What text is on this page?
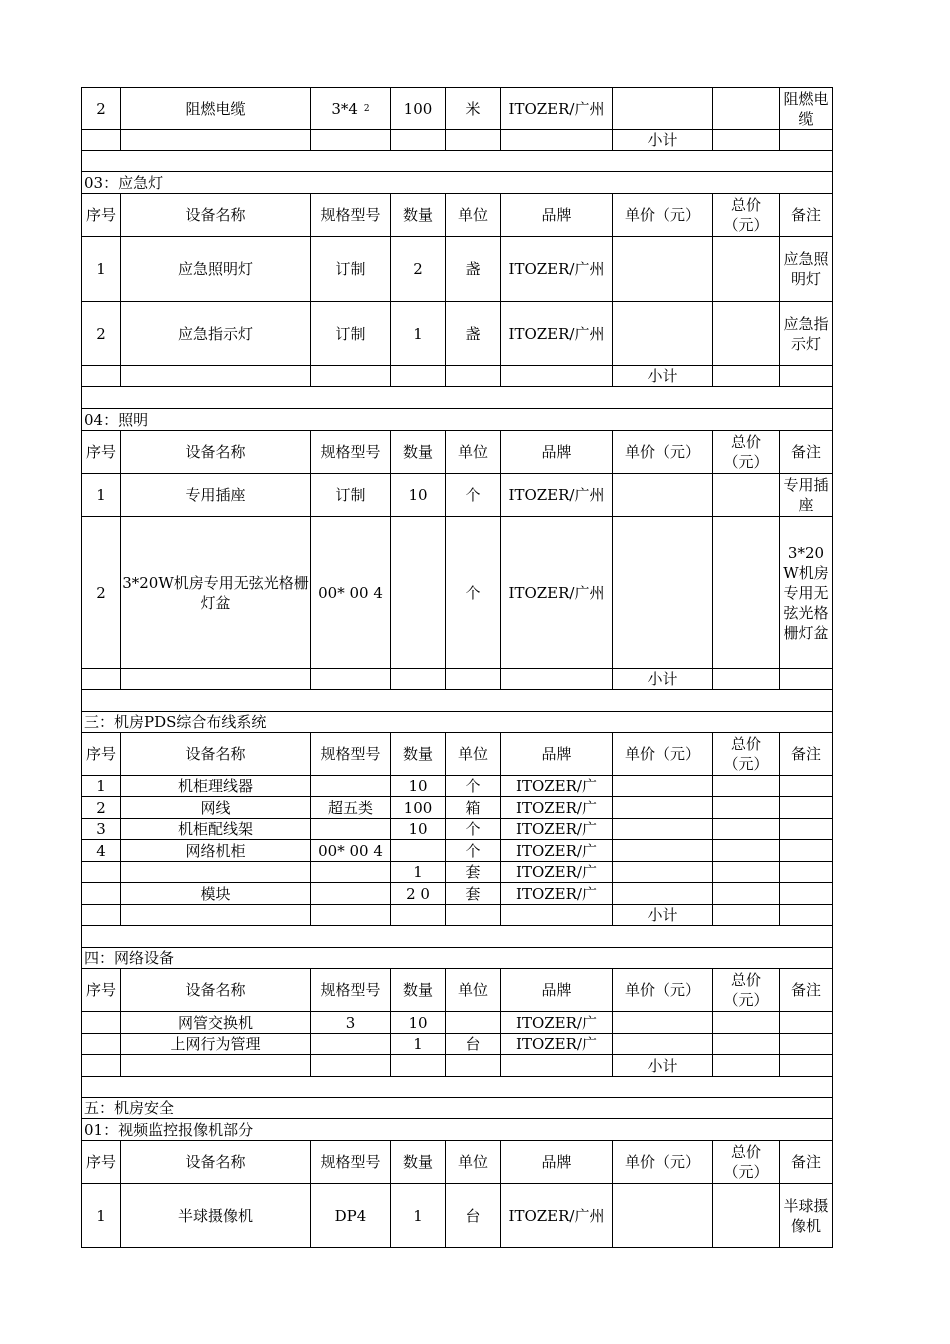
2	阻燃电缆	3*4 $^2$	100	米	ITOZER/广州			阻燃电缆
						小计		

03：应急灯								
序号	设备名称	规格型号	数量	单位	品牌	单价（元）	总价（元）	备注
1	应急照明灯	订制	2	盏	ITOZER/广州			应急照明灯
2	应急指示灯	订制	1	盏	ITOZER/广州			应急指示灯
						小计		

04：照明								
序号	设备名称	规格型号	数量	单位	品牌	单价（元）	总价（元）	备注
1	专用插座	订制	10	个	ITOZER/广州			专用插座
2	3*20W机房专用无弦光格栅灯盆	00* 00 4		个	ITOZER/广州			3*20W机房专用无弦光格栅灯盆
						小计		

三：机房PDS综合布线系统								
序号	设备名称	规格型号	数量	单位	品牌	单价（元）	总价（元）	备注
1	机柜理线器		10	个	ITOZER/广			
2	网线	超五类	100	箱	ITOZER/广			
3	机柜配线架		10	个	ITOZER/广			
4	网络机柜	00* 00 4		个	ITOZER/广			
			1	套	ITOZER/广			
	模块		2 0	套	ITOZER/广			
						小计		

四：网络设备								
序号	设备名称	规格型号	数量	单位	品牌	单价（元）	总价（元）	备注
	网管交换机	3	10		ITOZER/广			
	上网行为管理		1	台	ITOZER/广			
						小计		

五：机房安全								
01：视频监控报像机部分								
序号	设备名称	规格型号	数量	单位	品牌	单价（元）	总价（元）	备注
1	半球摄像机	DP4	1	台	ITOZER/广州			半球摄像机
